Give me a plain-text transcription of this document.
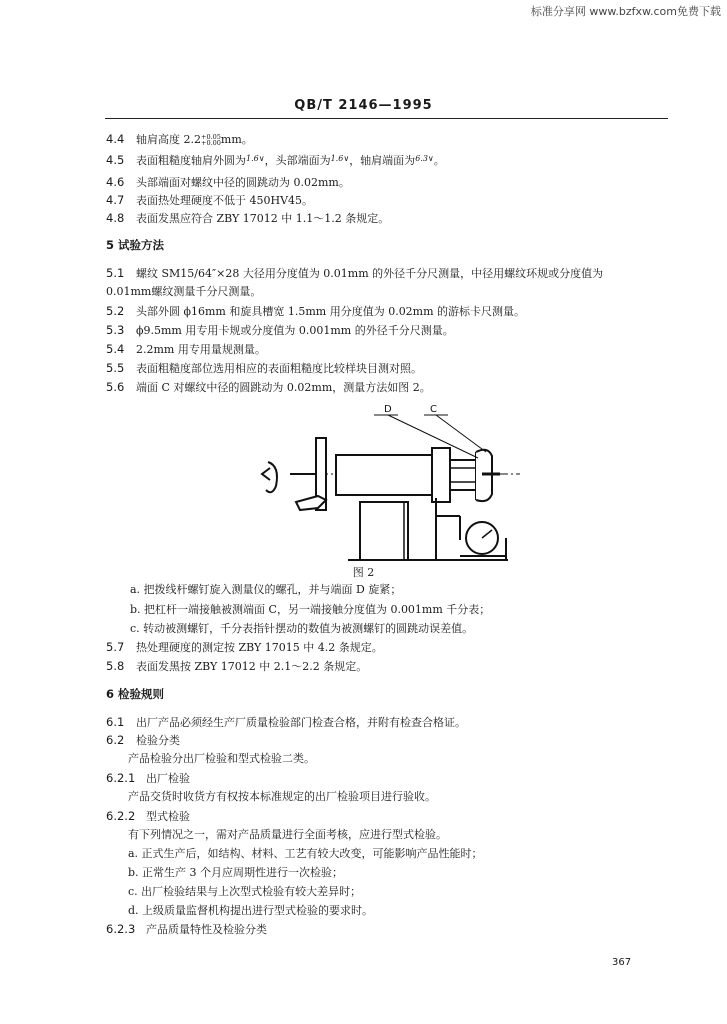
标准分享网 www.bzfxw.com免费下载
QB/T 2146—1995
4.4 轴肩高度 2.2+0.05
+0.00mm。
4.5 表面粗糙度轴肩外圆为1.6∨，头部端面为1.6∨，轴肩端面为6.3∨。
4.6 头部端面对螺纹中径的圆跳动为 0.02mm。
4.7 表面热处理硬度不低于 450HV45。
4.8 表面发黑应符合 ZBY 17012 中 1.1～1.2 条规定。
5 试验方法
5.1 螺纹 SM15/64″×28 大径用分度值为 0.01mm 的外径千分尺测量，中径用螺纹环规或分度值为
0.01mm螺纹测量千分尺测量。
5.2 头部外圆 ϕ16mm 和旋具槽宽 1.5mm 用分度值为 0.02mm 的游标卡尺测量。
5.3 ϕ9.5mm 用专用卡规或分度值为 0.001mm 的外径千分尺测量。
5.4 2.2mm 用专用量规测量。
5.5 表面粗糙度部位选用相应的表面粗糙度比较样块目测对照。
5.6 端面 C 对螺纹中径的圆跳动为 0.02mm，测量方法如图 2。
D	C
图 2
a. 把拨线杆螺钉旋入测量仪的螺孔，并与端面 D 旋紧；
b. 把杠杆一端接触被测端面 C，另一端接触分度值为 0.001mm 千分表；
c. 转动被测螺钉，千分表指针摆动的数值为被测螺钉的圆跳动误差值。
5.7 热处理硬度的测定按 ZBY 17015 中 4.2 条规定。
5.8 表面发黑按 ZBY 17012 中 2.1～2.2 条规定。
6 检验规则
6.1 出厂产品必须经生产厂质量检验部门检查合格，并附有检查合格证。
6.2 检验分类
产品检验分出厂检验和型式检验二类。
6.2.1 出厂检验
产品交货时收货方有权按本标准规定的出厂检验项目进行验收。
6.2.2 型式检验
有下列情况之一，需对产品质量进行全面考核，应进行型式检验。
a. 正式生产后，如结构、材料、工艺有较大改变，可能影响产品性能时；
b. 正常生产 3 个月应周期性进行一次检验；
c. 出厂检验结果与上次型式检验有较大差异时；
d. 上级质量监督机构提出进行型式检验的要求时。
6.2.3 产品质量特性及检验分类
367
